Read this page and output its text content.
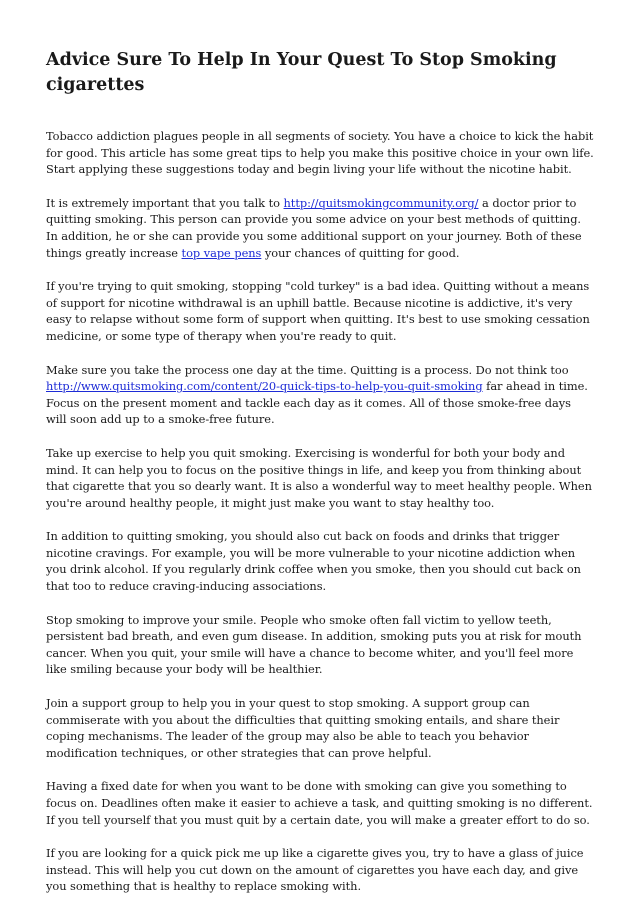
Advice Sure To Help In Your Quest To Stop Smoking cigarettes

Tobacco addiction plagues people in all segments of society. You have a choice to kick the habit for good. This article has some great tips to help you make this positive choice in your own life. Start applying these suggestions today and begin living your life without the nicotine habit.

It is extremely important that you talk to http://quitsmokingcommunity.org/ a doctor prior to quitting smoking. This person can provide you some advice on your best methods of quitting. In addition, he or she can provide you some additional support on your journey. Both of these things greatly increase top vape pens your chances of quitting for good.

If you're trying to quit smoking, stopping "cold turkey" is a bad idea. Quitting without a means of support for nicotine withdrawal is an uphill battle. Because nicotine is addictive, it's very easy to relapse without some form of support when quitting. It's best to use smoking cessation medicine, or some type of therapy when you're ready to quit.

Make sure you take the process one day at the time. Quitting is a process. Do not think too http://www.quitsmoking.com/content/20-quick-tips-to-help-you-quit-smoking far ahead in time. Focus on the present moment and tackle each day as it comes. All of those smoke-free days will soon add up to a smoke-free future.

Take up exercise to help you quit smoking. Exercising is wonderful for both your body and mind. It can help you to focus on the positive things in life, and keep you from thinking about that cigarette that you so dearly want. It is also a wonderful way to meet healthy people. When you're around healthy people, it might just make you want to stay healthy too.

In addition to quitting smoking, you should also cut back on foods and drinks that trigger nicotine cravings. For example, you will be more vulnerable to your nicotine addiction when you drink alcohol. If you regularly drink coffee when you smoke, then you should cut back on that too to reduce craving-inducing associations.

Stop smoking to improve your smile. People who smoke often fall victim to yellow teeth, persistent bad breath, and even gum disease. In addition, smoking puts you at risk for mouth cancer. When you quit, your smile will have a chance to become whiter, and you'll feel more like smiling because your body will be healthier.

Join a support group to help you in your quest to stop smoking. A support group can commiserate with you about the difficulties that quitting smoking entails, and share their coping mechanisms. The leader of the group may also be able to teach you behavior modification techniques, or other strategies that can prove helpful.

Having a fixed date for when you want to be done with smoking can give you something to focus on. Deadlines often make it easier to achieve a task, and quitting smoking is no different. If you tell yourself that you must quit by a certain date, you will make a greater effort to do so.

If you are looking for a quick pick me up like a cigarette gives you, try to have a glass of juice instead. This will help you cut down on the amount of cigarettes you have each day, and give you something that is healthy to replace smoking with.
